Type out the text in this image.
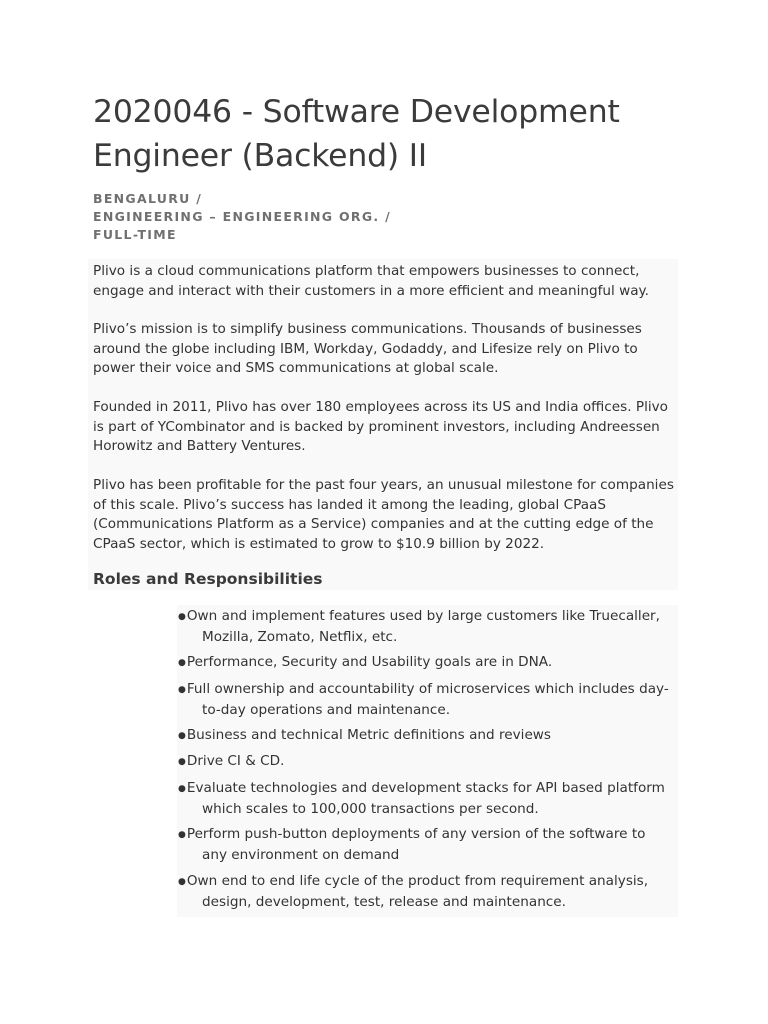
2020046 - Software Development
Engineer (Backend) II
BENGALURU /
ENGINEERING – ENGINEERING ORG. /
FULL-TIME
Plivo is a cloud communications platform that empowers businesses to connect,
engage and interact with their customers in a more efficient and meaningful way.
Plivo’s mission is to simplify business communications. Thousands of businesses
around the globe including IBM, Workday, Godaddy, and Lifesize rely on Plivo to
power their voice and SMS communications at global scale.
Founded in 2011, Plivo has over 180 employees across its US and India offices. Plivo
is part of YCombinator and is backed by prominent investors, including Andreessen
Horowitz and Battery Ventures.
Plivo has been profitable for the past four years, an unusual milestone for companies
of this scale. Plivo’s success has landed it among the leading, global CPaaS
(Communications Platform as a Service) companies and at the cutting edge of the
CPaaS sector, which is estimated to grow to $10.9 billion by 2022.
Roles and Responsibilities
●Own and implement features used by large customers like Truecaller,
Mozilla, Zomato, Netflix, etc.
●Performance, Security and Usability goals are in DNA.
●Full ownership and accountability of microservices which includes day-
to-day operations and maintenance.
●Business and technical Metric definitions and reviews
●Drive CI & CD.
●Evaluate technologies and development stacks for API based platform
which scales to 100,000 transactions per second.
●Perform push-button deployments of any version of the software to
any environment on demand
●Own end to end life cycle of the product from requirement analysis,
design, development, test, release and maintenance.
